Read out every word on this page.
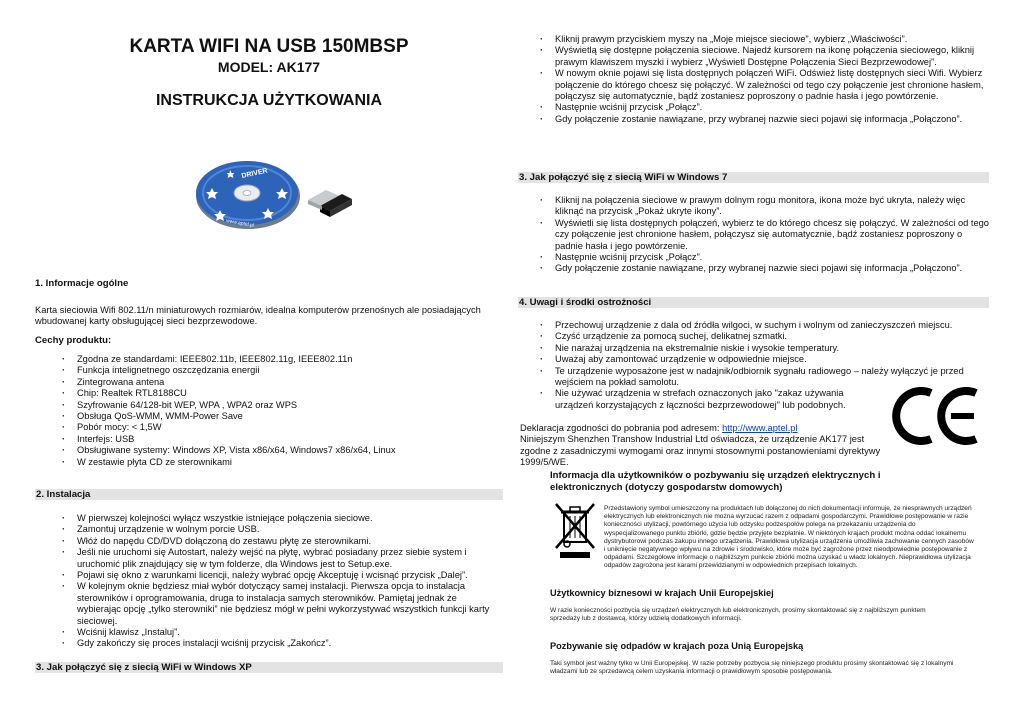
KARTA WIFI NA USB 150MBSP
MODEL: AK177
INSTRUKCJA UŻYTKOWANIA
DRIVER
www.aptel.pl
1. Informacje ogólne
Karta sieciowia Wifi 802.11/n miniaturowych rozmiarów, idealna komputerów przenośnych ale posiadających wbudowanej karty obsługującej sieci bezprzewodowe.
Cechy produktu:
· Zgodna ze standardami: IEEE802.11b, IEEE802.11g, IEEE802.11n
· Funkcja intelignetnego oszczędzania energii
· Zintegrowana antena
· Chip: Realtek RTL8188CU
· Szyfrowanie 64/128-bit WEP, WPA , WPA2 oraz WPS
· Obsługa QoS-WMM, WMM-Power Save
· Pobór mocy: < 1,5W
· Interfejs: USB
· Obsługiwane systemy: Windows XP, Vista x86/x64, Windows7 x86/x64, Linux
· W zestawie płyta CD ze sterownikami
2. Instalacja
· W pierwszej kolejności wyłącz wszystkie istniejące połączenia sieciowe.
· Zamontuj urządzenie w wolnym porcie USB.
· Włóż do napędu CD/DVD dołączoną do zestawu płytę ze sterownikami.
· Jeśli nie uruchomi się Autostart, należy wejść na płytę, wybrać posiadany przez siebie system i uruchomić plik znajdujący się w tym folderze, dla Windows jest to Setup.exe.
· Pojawi się okno z warunkami licencji, należy wybrać opcję Akceptuję i wcisnąć przycisk „Dalej”.
· W kolejnym oknie będziesz miał wybór dotyczący samej instalacji. Pierwsza opcja to instalacja sterowników i oprogramowania, druga to instalacja samych sterowników. Pamiętaj jednak że wybierając opcję „tylko sterowniki” nie będziesz mógł w pełni wykorzystywać wszystkich funkcji karty sieciowej.
· Wciśnij klawisz „Instaluj”.
· Gdy zakończy się proces instalacji wciśnij przycisk „Zakończ”.
3. Jak połączyć się z siecią WiFi w Windows XP
· Kliknij prawym przyciskiem myszy na „Moje miejsce sieciowe”, wybierz „Właściwości”.
· Wyświetlą się dostępne połączenia sieciowe. Najedź kursorem na ikonę połączenia sieciowego, kliknij prawym klawiszem myszki i wybierz „Wyświetl Dostępne Połączenia Sieci Bezprzewodowej”.
· W nowym oknie pojawi się lista dostępnych połączeń WiFi. Odśwież listę dostępnych sieci Wifi. Wybierz połączenie do którego chcesz się połączyć. W zależności od tego czy połączenie jest chronione hasłem, połączysz się automatycznie, bądź zostaniesz poproszony o padnie hasła i jego powtórzenie.
· Następnie wciśnij przycisk „Połącz”.
· Gdy połączenie zostanie nawiązane, przy wybranej nazwie sieci pojawi się informacja „Połączono”.
3. Jak połączyć się z siecią WiFi w Windows 7
· Kliknij na połączenia sieciowe w prawym dolnym rogu monitora, ikona może być ukryta, należy więc kliknąć na przycisk „Pokaż ukryte ikony”.
· Wyświetli się lista dostępnych połączeń, wybierz te do którego chcesz się połączyć. W zależności od tego czy połączenie jest chronione hasłem, połączysz się automatycznie, bądź zostaniesz poproszony o padnie hasła i jego powtórzenie.
· Następnie wciśnij przycisk „Połącz”.
· Gdy połączenie zostanie nawiązane, przy wybranej nazwie sieci pojawi się informacja „Połączono”.
4. Uwagi i środki ostrożności
· Przechowuj urządzenie z dala od źródła wilgoci, w suchym i wolnym od zanieczyszczeń miejscu.
· Czyść urządzenie za pomocą suchej, delikatnej szmatki.
· Nie narażaj urządzenia na ekstremalnie niskie i wysokie temperatury.
· Uważaj aby zamontować urządzenie w odpowiednie miejsce.
· Te urządzenie wyposażone jest w nadajnik/odbiornik sygnału radiowego – należy wyłączyć je przed wejściem na pokład samolotu.
· Nie używać urządzenia w strefach oznaczonych jako "zakaz używania urządzeń korzystających z łączności bezprzewodowej" lub podobnych.
Deklaracja zgodności do pobrania pod adresem: http://www.aptel.pl
Niniejszym Shenzhen Transhow Industrial Ltd oświadcza, że urządzenie AK177 jest zgodne z zasadniczymi wymogami oraz innymi stosownymi postanowieniami dyrektywy 1999/5/WE.
Informacja dla użytkowników o pozbywaniu się urządzeń elektrycznych i elektronicznych (dotyczy gospodarstw domowych)
Przedstawiony symbol umieszczony na produktach lub dołączonej do nich dokumentacji informuje, że niesprawnych urządzeń elektrycznych lub elektronicznych nie można wyrzucać razem z odpadami gospodarczymi. Prawidłowe postępowanie w razie konieczności utylizacji, powtórnego użycia lub odzysku podzespołów polega na przekazaniu urządzenia do wyspecjalizowanego punktu zbiórki, gdzie będzie przyjęte bezpłatnie. W niektórych krajach produkt można oddać lokalnemu dystrybutorowi podczas zakupu innego urządzenia. Prawidłowa utylizacja urządzenia umożliwia zachowanie cennych zasobów i uniknięcie negatywnego wpływu na zdrowie i środowisko, które może być zagrożone przez nieodpowiednie postępowanie z odpadami. Szczegółowe informacje o najbliższym punkcie zbiórki można uzyskać u władz lokalnych. Nieprawidłowa utylizacja odpadów zagrożona jest karami przewidzianymi w odpowiednich przepisach lokalnych.
Użytkownicy biznesowi w krajach Unii Europejskiej
W razie konieczności pozbycia się urządzeń elektrycznych lub elektronicznych, prosimy skontaktować się z najbliższym punktem sprzedaży lub z dostawcą, którzy udzielą dodatkowych informacji.
Pozbywanie się odpadów w krajach poza Unią Europejską
Taki symbol jest ważny tylko w Unii Europejskej. W razie potrzeby pozbycia się niniejszego produktu prosimy skontaktować się z lokalnymi władzami lub ze sprzedawcą celem uzyskania informacji o prawidłowym sposobie postępowania.
